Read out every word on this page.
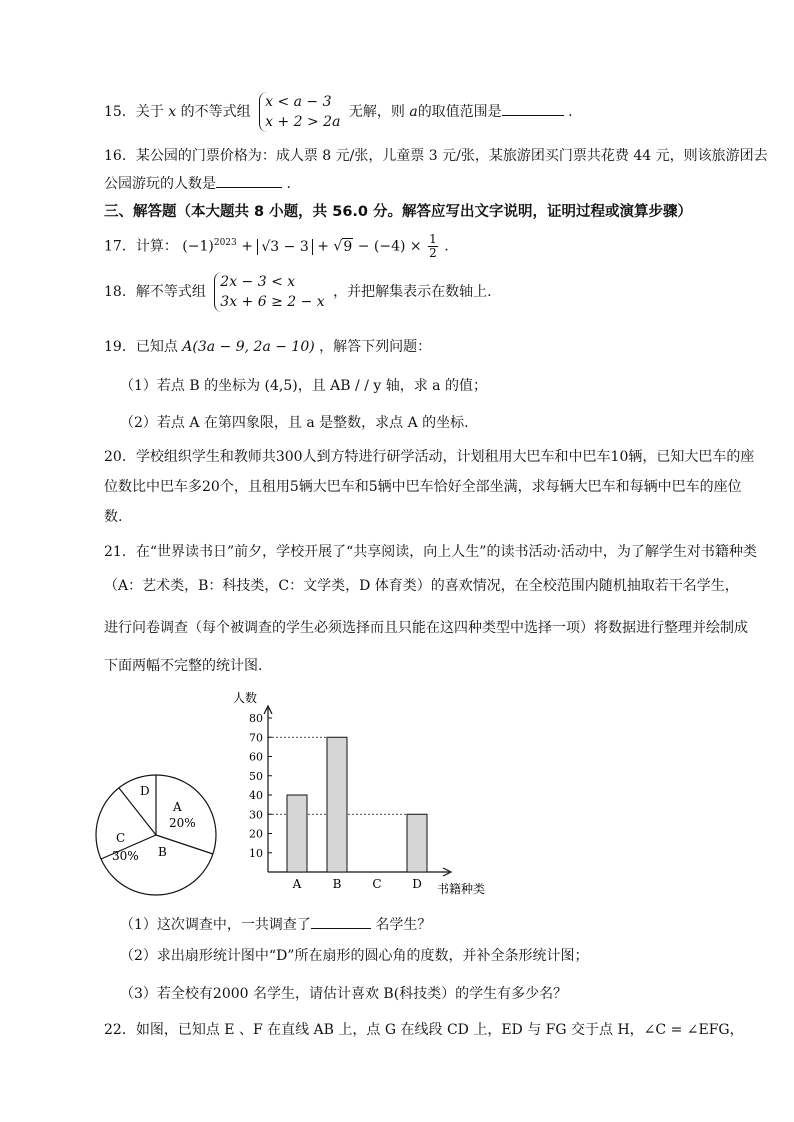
15．关于 x 的不等式组 x < a − 3
x + 2 > 2a 无解，则 a的取值范围是	.
16．某公园的门票价格为：成人票 8 元/张，儿童票 3 元/张，某旅游团买门票共花费 44 元，则该旅游团去
公园游玩的人数是	.
三、解答题（本大题共 8 小题，共 56.0 分。解答应写出文字说明，证明过程或演算步骤）
17．计算： $(-1)^{2023} + √3 - 3 + √9 - (-4) \times \frac{1}{2}$ .
18．解不等式组 2x − 3 < x
3x + 6 ≥ 2 − x ，并把解集表示在数轴上.
19．已知点 A(3a − 9, 2a − 10) ，解答下列问题：
（1）若点 B 的坐标为 (4,5)，且 AB / / y 轴，求 a 的值；
（2）若点 A 在第四象限，且 a 是整数，求点 A 的坐标.
20．学校组织学生和教师共300人到方特进行研学活动，计划租用大巴车和中巴车10辆，已知大巴车的座
位数比中巴车多20个，且租用5辆大巴车和5辆中巴车恰好全部坐满，求每辆大巴车和每辆中巴车的座位
数.
21．在“世界读书日”前夕，学校开展了“共享阅读，向上人生”的读书活动·活动中，为了解学生对书籍种类
（A：艺术类，B：科技类，C：文学类，D 体育类）的喜欢情况，在全校范围内随机抽取若干名学生，
进行问卷调查（每个被调查的学生必须选择而且只能在这四种类型中选择一项）将数据进行整理并绘制成
下面两幅不完整的统计图.
D
A
20%
C
30% B
人数
书籍种类
10
20
30
40
50
60
70
80
A	B	C	D
（1）这次调查中，一共调查了	名学生？
（2）求出扇形统计图中“D”所在扇形的圆心角的度数，并补全条形统计图；
（3）若全校有2000 名学生，请估计喜欢 B(科技类）的学生有多少名？
22．如图，已知点 E 、F 在直线 AB 上，点 G 在线段 CD 上，ED 与 FG 交于点 H，∠C = ∠EFG，
